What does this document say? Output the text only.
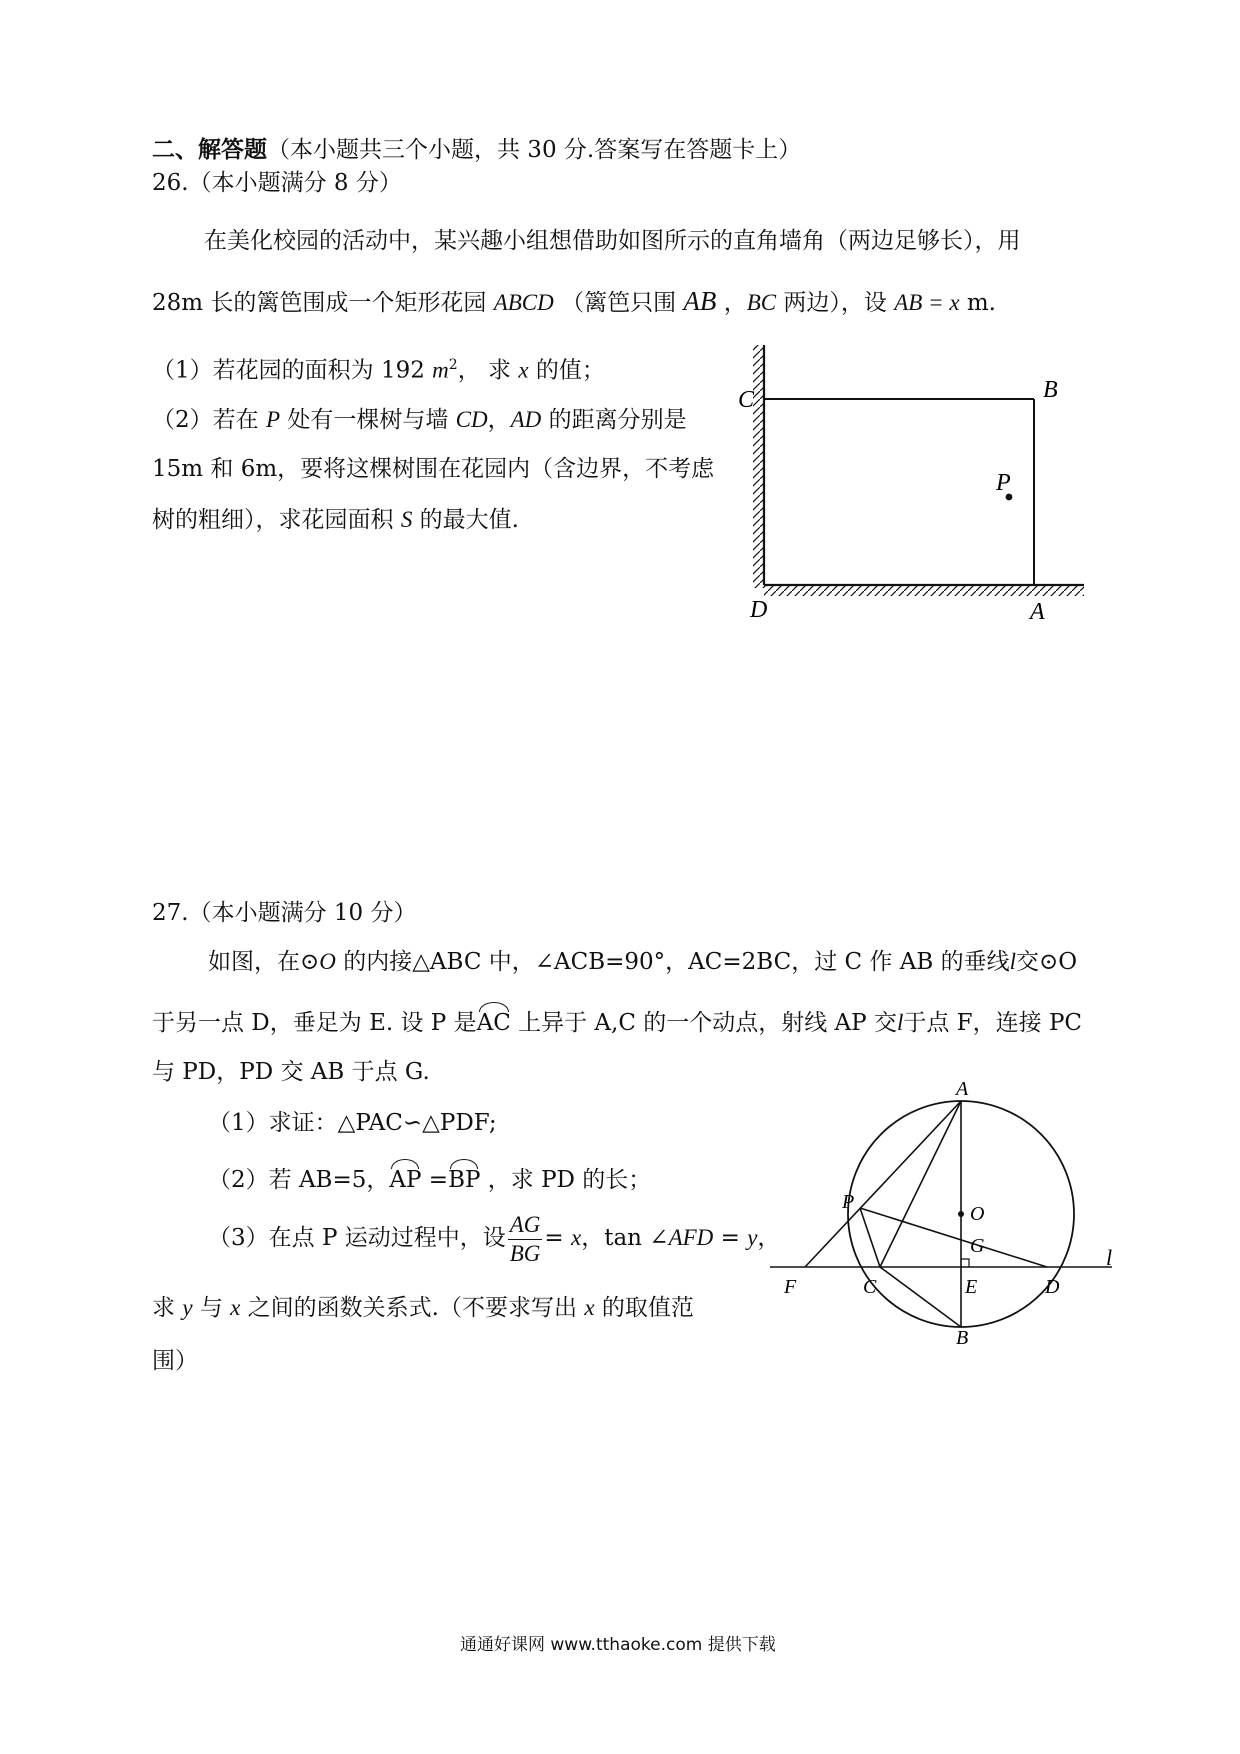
二、解答题（本小题共三个小题，共 30 分.答案写在答题卡上）
26.（本小题满分 8 分）
在美化校园的活动中，某兴趣小组想借助如图所示的直角墙角（两边足够长），用
28m 长的篱笆围成一个矩形花园 ABCD （篱笆只围 AB ，BC 两边），设 AB = x m.
（1）若花园的面积为 192 $m^2$， 求 x 的值；
（2）若在 P 处有一棵树与墙 CD，AD 的距离分别是
15m 和 6m，要将这棵树围在花园内（含边界，不考虑
树的粗细），求花园面积 S 的最大值.
C	B
P
D	A
27.（本小题满分 10 分）
如图，在⊙O 的内接△ABC 中，∠ACB=90°，AC=2BC，过 C 作 AB 的垂线l交⊙O
于另一点 D，垂足为 E. 设 P 是AC 上异于 A,C 的一个动点，射线 AP 交l于点 F，连接 PC
与 PD，PD 交 AB 于点 G.
（1）求证：△PAC∽△PDF;
（2）若 AB=5，AP =BP ，求 PD 的长；
（3）在点 P 运动过程中，设 $\frac{AG}{BG} = x$，tan ∠AFD = y，
求 y 与 x 之间的函数关系式.（不要求写出 x 的取值范
围）
A
O
G
P
F	C	E	D
B
l
通通好课网 www.tthaoke.com 提供下载
